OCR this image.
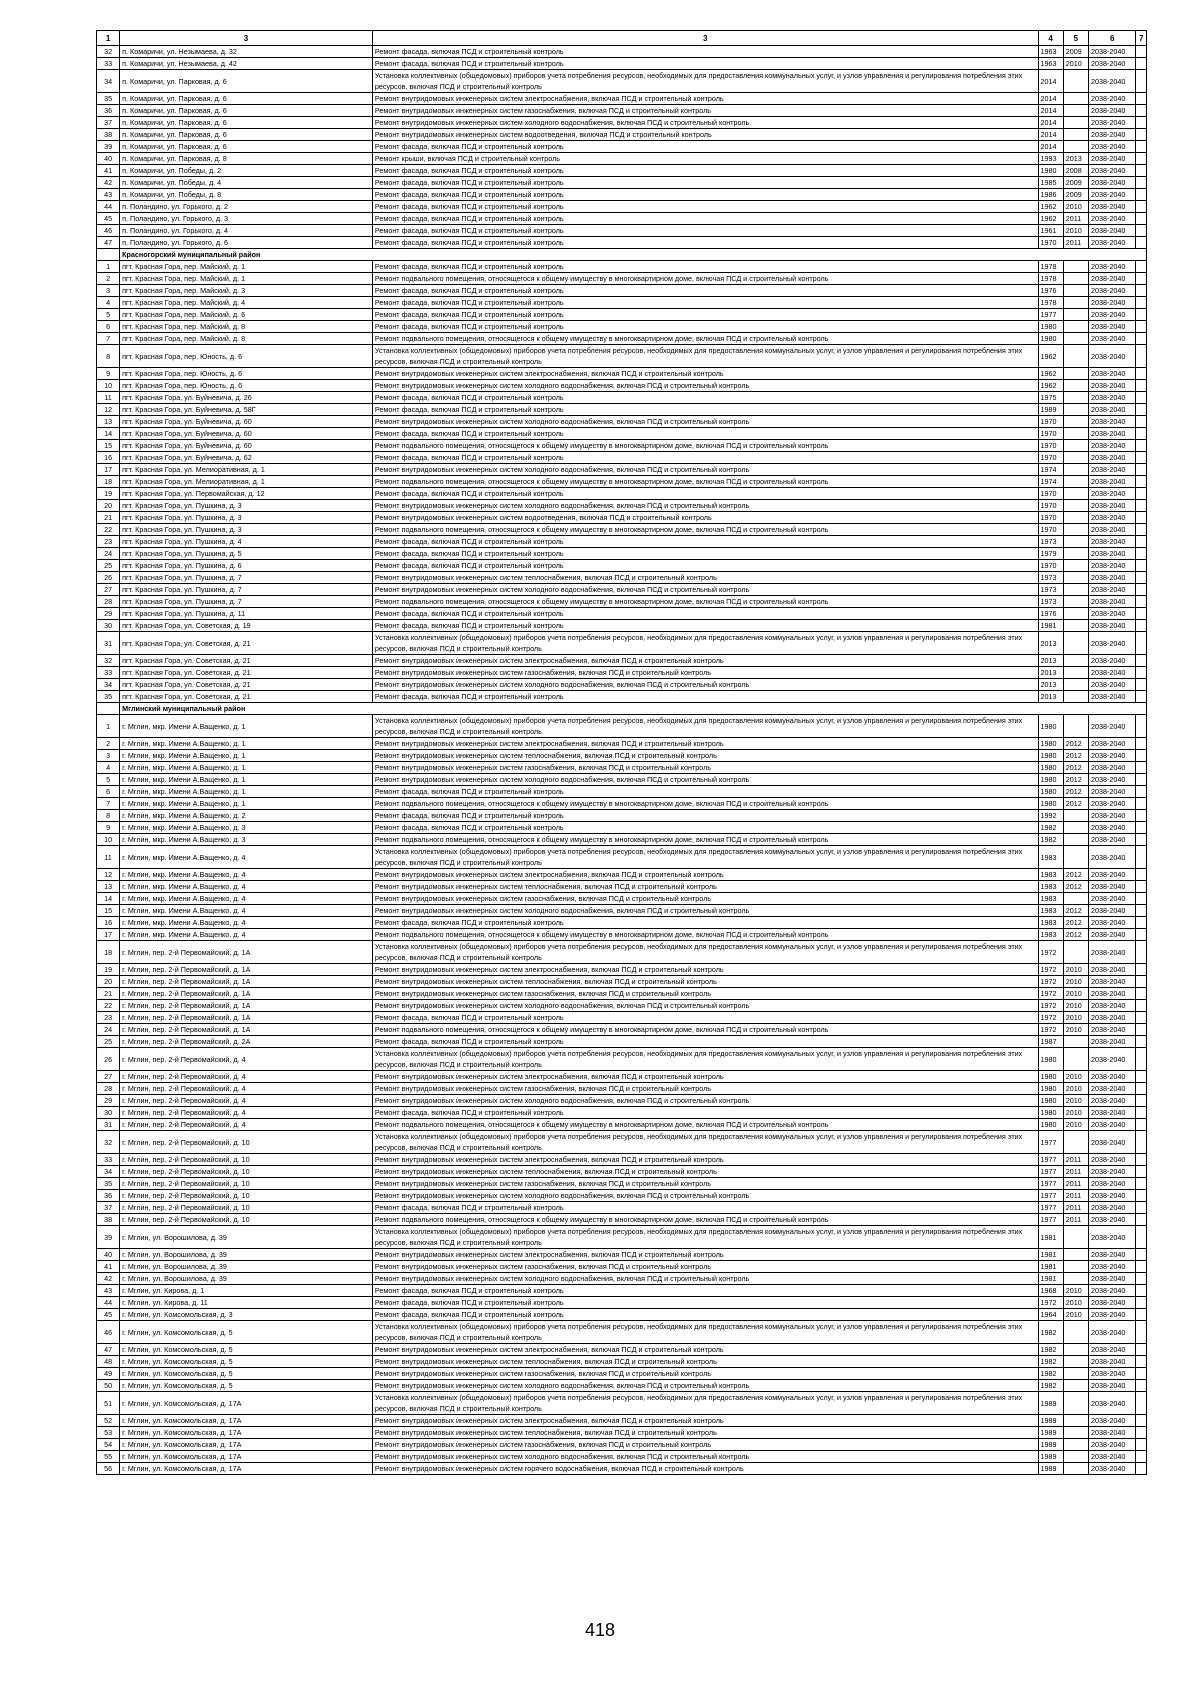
1	3	3	4	5	6	7
32	п. Комаричи, ул. Незымаева, д. 32	Ремонт фасада, включая ПСД и строительный контроль	1963	2009	2038-2040	
33	п. Комаричи, ул. Незымаева, д. 42	Ремонт фасада, включая ПСД и строительный контроль	1963	2010	2038-2040	
34	п. Комаричи, ул. Парковая, д. 6	Установка коллективных (общедомовых) приборов учета потребления ресурсов, необходимых для предоставления коммунальных услуг, и узлов управления и регулирования потребления этих ресурсов, включая ПСД и строительный контроль	2014		2038-2040	
35	п. Комаричи, ул. Парковая, д. 6	Ремонт внутридомовых инженерных систем электроснабжения, включая ПСД и строительный контроль	2014		2038-2040	
36	п. Комаричи, ул. Парковая, д. 6	Ремонт внутридомовых инженерных систем газоснабжения, включая ПСД и строительный контроль	2014		2038-2040	
37	п. Комаричи, ул. Парковая, д. 6	Ремонт внутридомовых инженерных систем холодного водоснабжения, включая ПСД и строительный контроль	2014		2038-2040	
38	п. Комаричи, ул. Парковая, д. 6	Ремонт внутридомовых инженерных систем водоотведения, включая ПСД и строительный контроль	2014		2038-2040	
39	п. Комаричи, ул. Парковая, д. 6	Ремонт фасада, включая ПСД и строительный контроль	2014		2038-2040	
40	п. Комаричи, ул. Парковая, д. 8	Ремонт крыши, включая ПСД и строительный контроль	1993	2013	2038-2040	
41	п. Комаричи, ул. Победы, д. 2	Ремонт фасада, включая ПСД и строительный контроль	1980	2008	2038-2040	
42	п. Комаричи, ул. Победы, д. 4	Ремонт фасада, включая ПСД и строительный контроль	1985	2009	2038-2040	
43	п. Комаричи, ул. Победы, д. 8	Ремонт фасада, включая ПСД и строительный контроль	1986	2009	2038-2040	
44	п. Поландино, ул. Горького, д. 2	Ремонт фасада, включая ПСД и строительный контроль	1962	2010	2038-2040	
45	п. Поландино, ул. Горького, д. 3	Ремонт фасада, включая ПСД и строительный контроль	1962	2011	2038-2040	
46	п. Поландино, ул. Горького, д. 4	Ремонт фасада, включая ПСД и строительный контроль	1961	2010	2038-2040	
47	п. Поландино, ул. Горького, д. 6	Ремонт фасада, включая ПСД и строительный контроль	1970	2011	2038-2040	
	Красногорский муниципальный район					
1	пгт. Красная Гора, пер. Майский, д. 1	Ремонт фасада, включая ПСД и строительный контроль	1978		2038-2040	
2	пгт. Красная Гора, пер. Майский, д. 1	Ремонт подвального помещения, относящегося к общему имуществу в многоквартирном доме, включая ПСД и строительный контроль	1978		2038-2040	
3	пгт. Красная Гора, пер. Майский, д. 3	Ремонт фасада, включая ПСД и строительный контроль	1976		2038-2040	
4	пгт. Красная Гора, пер. Майский, д. 4	Ремонт фасада, включая ПСД и строительный контроль	1978		2038-2040	
5	пгт. Красная Гора, пер. Майский, д. 6	Ремонт фасада, включая ПСД и строительный контроль	1977		2038-2040	
6	пгт. Красная Гора, пер. Майский, д. 8	Ремонт фасада, включая ПСД и строительный контроль	1980		2038-2040	
7	пгт. Красная Гора, пер. Майский, д. 8	Ремонт подвального помещения, относящегося к общему имуществу в многоквартирном доме, включая ПСД и строительный контроль	1980		2038-2040	
8	пгт. Красная Гора, пер. Юность, д. 6	Установка коллективных (общедомовых) приборов учета потребления ресурсов, необходимых для предоставления коммунальных услуг, и узлов управления и регулирования потребления этих ресурсов, включая ПСД и строительный контроль	1962		2038-2040	
9	пгт. Красная Гора, пер. Юность, д. 6	Ремонт внутридомовых инженерных систем электроснабжения, включая ПСД и строительный контроль	1962		2038-2040	
10	пгт. Красная Гора, пер. Юность, д. 6	Ремонт внутридомовых инженерных систем холодного водоснабжения, включая ПСД и строительный контроль	1962		2038-2040	
11	пгт. Красная Гора, ул. Буйневича, д. 26	Ремонт фасада, включая ПСД и строительный контроль	1975		2038-2040	
12	пгт. Красная Гора, ул. Буйневича, д. 58Г	Ремонт фасада, включая ПСД и строительный контроль	1989		2038-2040	
13	пгт. Красная Гора, ул. Буйневича, д. 60	Ремонт внутридомовых инженерных систем холодного водоснабжения, включая ПСД и строительный контроль	1970		2038-2040	
14	пгт. Красная Гора, ул. Буйневича, д. 60	Ремонт фасада, включая ПСД и строительный контроль	1970		2038-2040	
15	пгт. Красная Гора, ул. Буйневича, д. 60	Ремонт подвального помещения, относящегося к общему имуществу в многоквартирном доме, включая ПСД и строительный контроль	1970		2038-2040	
16	пгт. Красная Гора, ул. Буйневича, д. 62	Ремонт фасада, включая ПСД и строительный контроль	1970		2038-2040	
17	пгт. Красная Гора, ул. Мелиоративная, д. 1	Ремонт внутридомовых инженерных систем холодного водоснабжения, включая ПСД и строительный контроль	1974		2038-2040	
18	пгт. Красная Гора, ул. Мелиоративная, д. 1	Ремонт подвального помещения, относящегося к общему имуществу в многоквартирном доме, включая ПСД и строительный контроль	1974		2038-2040	
19	пгт. Красная Гора, ул. Первомайская, д. 12	Ремонт фасада, включая ПСД и строительный контроль	1970		2038-2040	
20	пгт. Красная Гора, ул. Пушкина, д. 3	Ремонт внутридомовых инженерных систем холодного водоснабжения, включая ПСД и строительный контроль	1970		2038-2040	
21	пгт. Красная Гора, ул. Пушкина, д. 3	Ремонт внутридомовых инженерных систем водоотведения, включая ПСД и строительный контроль	1970		2038-2040	
22	пгт. Красная Гора, ул. Пушкина, д. 3	Ремонт подвального помещения, относящегося к общему имуществу в многоквартирном доме, включая ПСД и строительный контроль	1970		2038-2040	
23	пгт. Красная Гора, ул. Пушкина, д. 4	Ремонт фасада, включая ПСД и строительный контроль	1973		2038-2040	
24	пгт. Красная Гора, ул. Пушкина, д. 5	Ремонт фасада, включая ПСД и строительный контроль	1979		2038-2040	
25	пгт. Красная Гора, ул. Пушкина, д. 6	Ремонт фасада, включая ПСД и строительный контроль	1970		2038-2040	
26	пгт. Красная Гора, ул. Пушкина, д. 7	Ремонт внутридомовых инженерных систем теплоснабжения, включая ПСД и строительный контроль	1973		2038-2040	
27	пгт. Красная Гора, ул. Пушкина, д. 7	Ремонт внутридомовых инженерных систем холодного водоснабжения, включая ПСД и строительный контроль	1973		2038-2040	
28	пгт. Красная Гора, ул. Пушкина, д. 7	Ремонт подвального помещения, относящегося к общему имуществу в многоквартирном доме, включая ПСД и строительный контроль	1973		2038-2040	
29	пгт. Красная Гора, ул. Пушкина, д. 11	Ремонт фасада, включая ПСД и строительный контроль	1976		2038-2040	
30	пгт. Красная Гора, ул. Советская, д. 19	Ремонт фасада, включая ПСД и строительный контроль	1981		2038-2040	
31	пгт. Красная Гора, ул. Советская, д. 21	Установка коллективных (общедомовых) приборов учета потребления ресурсов, необходимых для предоставления коммунальных услуг, и узлов управления и регулирования потребления этих ресурсов, включая ПСД и строительный контроль	2013		2038-2040	
32	пгт. Красная Гора, ул. Советская, д. 21	Ремонт внутридомовых инженерных систем электроснабжения, включая ПСД и строительный контроль	2013		2038-2040	
33	пгт. Красная Гора, ул. Советская, д. 21	Ремонт внутридомовых инженерных систем газоснабжения, включая ПСД и строительный контроль	2013		2038-2040	
34	пгт. Красная Гора, ул. Советская, д. 21	Ремонт внутридомовых инженерных систем холодного водоснабжения, включая ПСД и строительный контроль	2013		2038-2040	
35	пгт. Красная Гора, ул. Советская, д. 21	Ремонт фасада, включая ПСД и строительный контроль	2013		2038-2040	
	Мглинский муниципальный район					
1	г. Мглин, мкр. Имени А.Ващенко, д. 1	Установка коллективных (общедомовых) приборов учета потребления ресурсов, необходимых для предоставления коммунальных услуг, и узлов управления и регулирования потребления этих ресурсов, включая ПСД и строительный контроль	1980		2038-2040	
2	г. Мглин, мкр. Имени А.Ващенко, д. 1	Ремонт внутридомовых инженерных систем электроснабжения, включая ПСД и строительный контроль	1980	2012	2038-2040	
3	г. Мглин, мкр. Имени А.Ващенко, д. 1	Ремонт внутридомовых инженерных систем теплоснабжения, включая ПСД и строительный контроль	1980	2012	2038-2040	
4	г. Мглин, мкр. Имени А.Ващенко, д. 1	Ремонт внутридомовых инженерных систем газоснабжения, включая ПСД и строительный контроль	1980	2012	2038-2040	
5	г. Мглин, мкр. Имени А.Ващенко, д. 1	Ремонт внутридомовых инженерных систем холодного водоснабжения, включая ПСД и строительный контроль	1980	2012	2038-2040	
6	г. Мглин, мкр. Имени А.Ващенко, д. 1	Ремонт фасада, включая ПСД и строительный контроль	1980	2012	2038-2040	
7	г. Мглин, мкр. Имени А.Ващенко, д. 1	Ремонт подвального помещения, относящегося к общему имуществу в многоквартирном доме, включая ПСД и строительный контроль	1980	2012	2038-2040	
8	г. Мглин, мкр. Имени А.Ващенко, д. 2	Ремонт фасада, включая ПСД и строительный контроль	1992		2038-2040	
9	г. Мглин, мкр. Имени А.Ващенко, д. 3	Ремонт фасада, включая ПСД и строительный контроль	1982		2038-2040	
10	г. Мглин, мкр. Имени А.Ващенко, д. 3	Ремонт подвального помещения, относящегося к общему имуществу в многоквартирном доме, включая ПСД и строительный контроль	1982		2038-2040	
11	г. Мглин, мкр. Имени А.Ващенко, д. 4	Установка коллективных (общедомовых) приборов учета потребления ресурсов, необходимых для предоставления коммунальных услуг, и узлов управления и регулирования потребления этих ресурсов, включая ПСД и строительный контроль	1983		2038-2040	
12	г. Мглин, мкр. Имени А.Ващенко, д. 4	Ремонт внутридомовых инженерных систем электроснабжения, включая ПСД и строительный контроль	1983	2012	2038-2040	
13	г. Мглин, мкр. Имени А.Ващенко, д. 4	Ремонт внутридомовых инженерных систем теплоснабжения, включая ПСД и строительный контроль	1983	2012	2038-2040	
14	г. Мглин, мкр. Имени А.Ващенко, д. 4	Ремонт внутридомовых инженерных систем газоснабжения, включая ПСД и строительный контроль	1983		2038-2040	
15	г. Мглин, мкр. Имени А.Ващенко, д. 4	Ремонт внутридомовых инженерных систем холодного водоснабжения, включая ПСД и строительный контроль	1983	2012	2038-2040	
16	г. Мглин, мкр. Имени А.Ващенко, д. 4	Ремонт фасада, включая ПСД и строительный контроль	1983	2012	2038-2040	
17	г. Мглин, мкр. Имени А.Ващенко, д. 4	Ремонт подвального помещения, относящегося к общему имуществу в многоквартирном доме, включая ПСД и строительный контроль	1983	2012	2038-2040	
18	г. Мглин, пер. 2-й Первомайский, д. 1А	Установка коллективных (общедомовых) приборов учета потребления ресурсов, необходимых для предоставления коммунальных услуг, и узлов управления и регулирования потребления этих ресурсов, включая ПСД и строительный контроль	1972		2038-2040	
19	г. Мглин, пер. 2-й Первомайский, д. 1А	Ремонт внутридомовых инженерных систем электроснабжения, включая ПСД и строительный контроль	1972	2010	2038-2040	
20	г. Мглин, пер. 2-й Первомайский, д. 1А	Ремонт внутридомовых инженерных систем теплоснабжения, включая ПСД и строительный контроль	1972	2010	2038-2040	
21	г. Мглин, пер. 2-й Первомайский, д. 1А	Ремонт внутридомовых инженерных систем газоснабжения, включая ПСД и строительный контроль	1972	2010	2038-2040	
22	г. Мглин, пер. 2-й Первомайский, д. 1А	Ремонт внутридомовых инженерных систем холодного водоснабжения, включая ПСД и строительный контроль	1972	2010	2038-2040	
23	г. Мглин, пер. 2-й Первомайский, д. 1А	Ремонт фасада, включая ПСД и строительный контроль	1972	2010	2038-2040	
24	г. Мглин, пер. 2-й Первомайский, д. 1А	Ремонт подвального помещения, относящегося к общему имуществу в многоквартирном доме, включая ПСД и строительный контроль	1972	2010	2038-2040	
25	г. Мглин, пер. 2-й Первомайский, д. 2А	Ремонт фасада, включая ПСД и строительный контроль	1987		2038-2040	
26	г. Мглин, пер. 2-й Первомайский, д. 4	Установка коллективных (общедомовых) приборов учета потребления ресурсов, необходимых для предоставления коммунальных услуг, и узлов управления и регулирования потребления этих ресурсов, включая ПСД и строительный контроль	1980		2038-2040	
27	г. Мглин, пер. 2-й Первомайский, д. 4	Ремонт внутридомовых инженерных систем электроснабжения, включая ПСД и строительный контроль	1980	2010	2038-2040	
28	г. Мглин, пер. 2-й Первомайский, д. 4	Ремонт внутридомовых инженерных систем газоснабжения, включая ПСД и строительный контроль	1980	2010	2038-2040	
29	г. Мглин, пер. 2-й Первомайский, д. 4	Ремонт внутридомовых инженерных систем холодного водоснабжения, включая ПСД и строительный контроль	1980	2010	2038-2040	
30	г. Мглин, пер. 2-й Первомайский, д. 4	Ремонт фасада, включая ПСД и строительный контроль	1980	2010	2038-2040	
31	г. Мглин, пер. 2-й Первомайский, д. 4	Ремонт подвального помещения, относящегося к общему имуществу в многоквартирном доме, включая ПСД и строительный контроль	1980	2010	2038-2040	
32	г. Мглин, пер. 2-й Первомайский, д. 10	Установка коллективных (общедомовых) приборов учета потребления ресурсов, необходимых для предоставления коммунальных услуг, и узлов управления и регулирования потребления этих ресурсов, включая ПСД и строительный контроль	1977		2038-2040	
33	г. Мглин, пер. 2-й Первомайский, д. 10	Ремонт внутридомовых инженерных систем электроснабжения, включая ПСД и строительный контроль	1977	2011	2038-2040	
34	г. Мглин, пер. 2-й Первомайский, д. 10	Ремонт внутридомовых инженерных систем теплоснабжения, включая ПСД и строительный контроль	1977	2011	2038-2040	
35	г. Мглин, пер. 2-й Первомайский, д. 10	Ремонт внутридомовых инженерных систем газоснабжения, включая ПСД и строительный контроль	1977	2011	2038-2040	
36	г. Мглин, пер. 2-й Первомайский, д. 10	Ремонт внутридомовых инженерных систем холодного водоснабжения, включая ПСД и строительный контроль	1977	2011	2038-2040	
37	г. Мглин, пер. 2-й Первомайский, д. 10	Ремонт фасада, включая ПСД и строительный контроль	1977	2011	2038-2040	
38	г. Мглин, пер. 2-й Первомайский, д. 10	Ремонт подвального помещения, относящегося к общему имуществу в многоквартирном доме, включая ПСД и строительный контроль	1977	2011	2038-2040	
39	г. Мглин, ул. Ворошилова, д. 39	Установка коллективных (общедомовых) приборов учета потребления ресурсов, необходимых для предоставления коммунальных услуг, и узлов управления и регулирования потребления этих ресурсов, включая ПСД и строительный контроль	1981		2038-2040	
40	г. Мглин, ул. Ворошилова, д. 39	Ремонт внутридомовых инженерных систем электроснабжения, включая ПСД и строительный контроль	1981		2038-2040	
41	г. Мглин, ул. Ворошилова, д. 39	Ремонт внутридомовых инженерных систем газоснабжения, включая ПСД и строительный контроль	1981		2038-2040	
42	г. Мглин, ул. Ворошилова, д. 39	Ремонт внутридомовых инженерных систем холодного водоснабжения, включая ПСД и строительный контроль	1981		2038-2040	
43	г. Мглин, ул. Кирова, д. 1	Ремонт фасада, включая ПСД и строительный контроль	1968	2010	2038-2040	
44	г. Мглин, ул. Кирова, д. 11	Ремонт фасада, включая ПСД и строительный контроль	1972	2010	2038-2040	
45	г. Мглин, ул. Комсомольская, д. 3	Ремонт фасада, включая ПСД и строительный контроль	1964	2010	2038-2040	
46	г. Мглин, ул. Комсомольская, д. 5	Установка коллективных (общедомовых) приборов учета потребления ресурсов, необходимых для предоставления коммунальных услуг, и узлов управления и регулирования потребления этих ресурсов, включая ПСД и строительный контроль	1982		2038-2040	
47	г. Мглин, ул. Комсомольская, д. 5	Ремонт внутридомовых инженерных систем электроснабжения, включая ПСД и строительный контроль	1982		2038-2040	
48	г. Мглин, ул. Комсомольская, д. 5	Ремонт внутридомовых инженерных систем теплоснабжения, включая ПСД и строительный контроль	1982		2038-2040	
49	г. Мглин, ул. Комсомольская, д. 5	Ремонт внутридомовых инженерных систем газоснабжения, включая ПСД и строительный контроль	1982		2038-2040	
50	г. Мглин, ул. Комсомольская, д. 5	Ремонт внутридомовых инженерных систем холодного водоснабжения, включая ПСД и строительный контроль	1982		2038-2040	
51	г. Мглин, ул. Комсомольская, д. 17А	Установка коллективных (общедомовых) приборов учета потребления ресурсов, необходимых для предоставления коммунальных услуг, и узлов управления и регулирования потребления этих ресурсов, включая ПСД и строительный контроль	1989		2038-2040	
52	г. Мглин, ул. Комсомольская, д. 17А	Ремонт внутридомовых инженерных систем электроснабжения, включая ПСД и строительный контроль	1989		2038-2040	
53	г. Мглин, ул. Комсомольская, д. 17А	Ремонт внутридомовых инженерных систем теплоснабжения, включая ПСД и строительный контроль	1989		2038-2040	
54	г. Мглин, ул. Комсомольская, д. 17А	Ремонт внутридомовых инженерных систем газоснабжения, включая ПСД и строительный контроль	1989		2038-2040	
55	г. Мглин, ул. Комсомольская, д. 17А	Ремонт внутридомовых инженерных систем холодного водоснабжения, включая ПСД и строительный контроль	1989		2038-2040	
56	г. Мглин, ул. Комсомольская, д. 17А	Ремонт внутридомовых инженерных систем горячего водоснабжения, включая ПСД и строительный контроль	1989		2038-2040	
418
